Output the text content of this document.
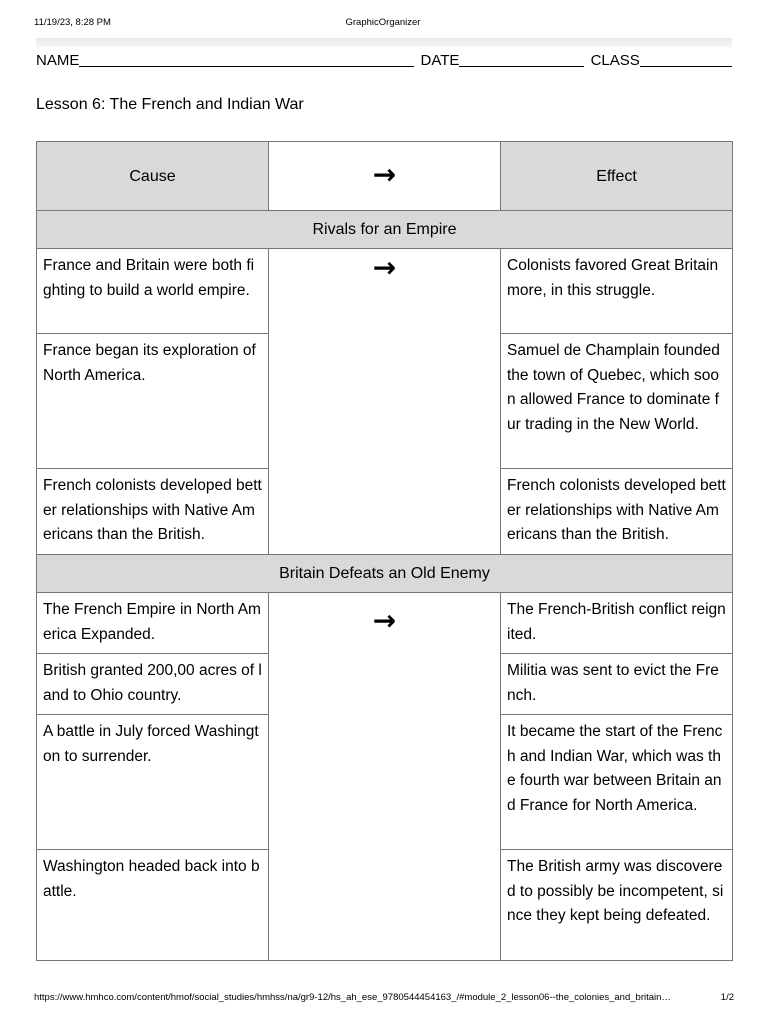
11/19/23, 8:28 PM	GraphicOrganizer
NAME	DATE	CLASS
Lesson 6: The French and Indian War
Cause	→	Effect
Rivals for an Empire		
France and Britain were both fighting to build a world empire.	→	Colonists favored Great Britain more, in this struggle.
France began its exploration of North America.		Samuel de Champlain founded the town of Quebec, which soon allowed France to dominate fur trading in the New World.
French colonists developed better relationships with Native Americans than the British.		French colonists developed better relationships with Native Americans than the British.
Britain Defeats an Old Enemy		
The French Empire in North America Expanded.	→	The French-British conflict reignited.
British granted 200,00 acres of land to Ohio country.		Militia was sent to evict the French.
A battle in July forced Washington to surrender.		It became the start of the French and Indian War, which was the fourth war between Britain and France for North America.
Washington headed back into battle.		The British army was discovered to possibly be incompetent, since they kept being defeated.
https://www.hmhco.com/content/hmof/social_studies/hmhss/na/gr9-12/hs_ah_ese_9780544454163_/#module_2_lesson06--the_colonies_and_britain…	1/2
